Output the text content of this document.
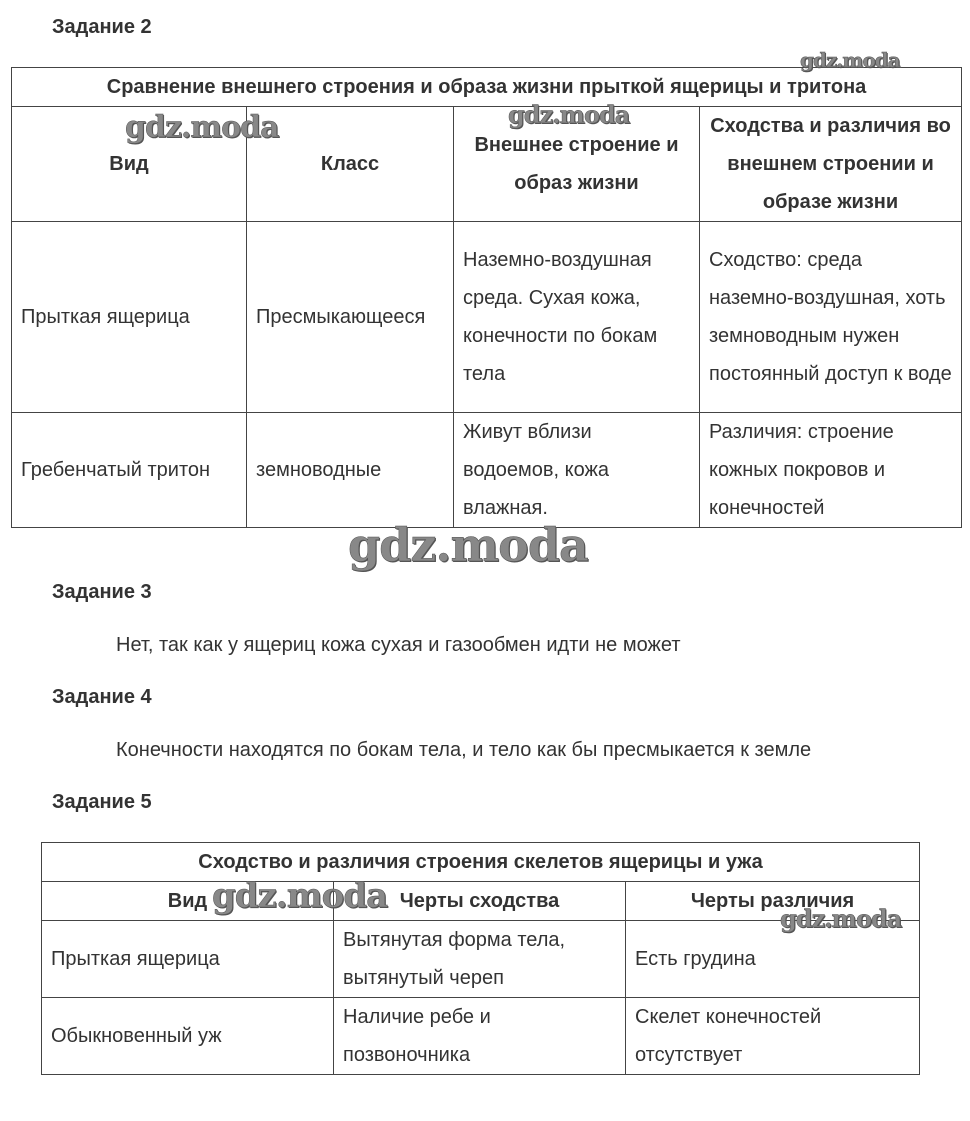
Задание 2
Сравнение внешнего строения и образа жизни прыткой ящерицы и тритона			
Вид	Класс	Внешнее строение и образ жизни	Сходства и различия во внешнем строении и образе жизни
Прыткая ящерица	Пресмыкающееся	Наземно-воздушная среда. Сухая кожа, конечности по бокам тела	Сходство: среда наземно-воздушная, хоть земноводным нужен постоянный доступ к воде
Гребенчатый тритон	земноводные	Живут вблизи водоемов, кожа влажная.	Различия: строение кожных покровов и конечностей
Задание 3
Нет, так как у ящериц кожа сухая и газообмен идти не может
Задание 4
Конечности находятся по бокам тела, и тело как бы пресмыкается к земле
Задание 5
Сходство и различия строения скелетов ящерицы и ужа		
Вид	Черты сходства	Черты различия
Прыткая ящерица	Вытянутая форма тела, вытянутый череп	Есть грудина
Обыкновенный уж	Наличие ребе и позвоночника	Скелет конечностей отсутствует
gdz.moda
gdz.moda	gdz.moda
gdz.moda
gdz.moda
gdz.moda
